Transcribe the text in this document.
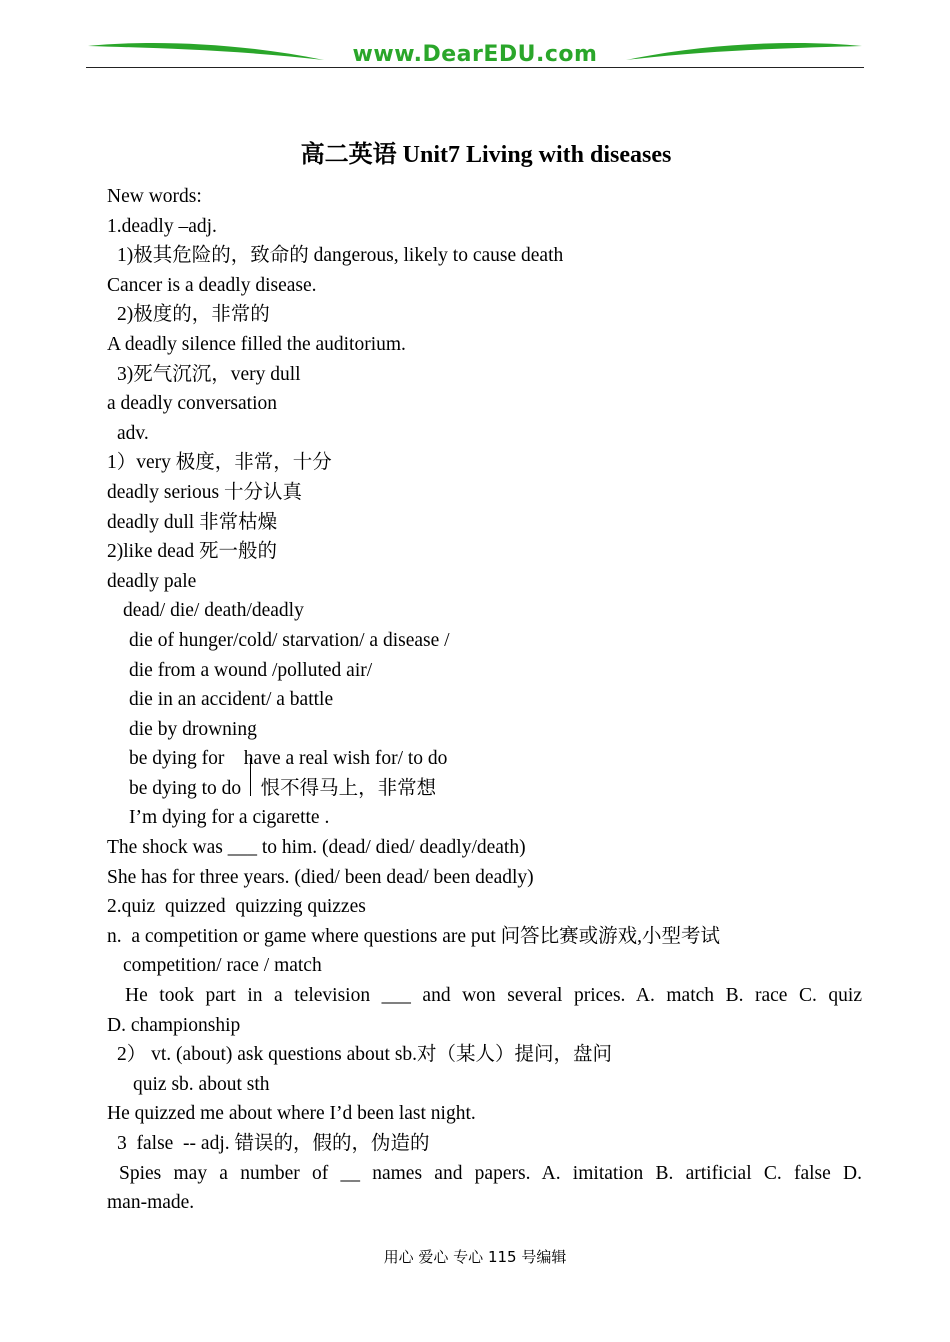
www.DearEDU.com
高二英语 Unit7 Living with diseases
New words:
1.deadly –adj.
1)极其危险的，致命的 dangerous, likely to cause death
Cancer is a deadly disease.
2)极度的，非常的
A deadly silence filled the auditorium.
3)死气沉沉，very dull
a deadly conversation
adv.
1）very 极度，非常，十分
deadly serious 十分认真
deadly dull 非常枯燥
2)like dead 死一般的
deadly pale
dead/ die/ death/deadly
die of hunger/cold/ starvation/ a disease /
die from a wound /polluted air/
die in an accident/ a battle
die by drowning
be dying for    have a real wish for/ to do
be dying to do    恨不得马上，非常想
I’m dying for a cigarette .
The shock was ___ to him. (dead/ died/ deadly/death)
She has for three years. (died/ been dead/ been deadly)
2.quiz  quizzed  quizzing quizzes
n.  a competition or game where questions are put 问答比赛或游戏,小型考试
competition/ race / match
He took part in a television ___ and won several prices. A. match B. race C. quiz
D. championship
2） vt. (about) ask questions about sb.对（某人）提问，盘问
quiz sb. about sth
He quizzed me about where I’d been last night.
3  false  -- adj. 错误的，假的，伪造的
Spies may a number of __ names and papers. A. imitation B. artificial C. false D.
man-made.
用心 爱心 专心 115 号编辑
